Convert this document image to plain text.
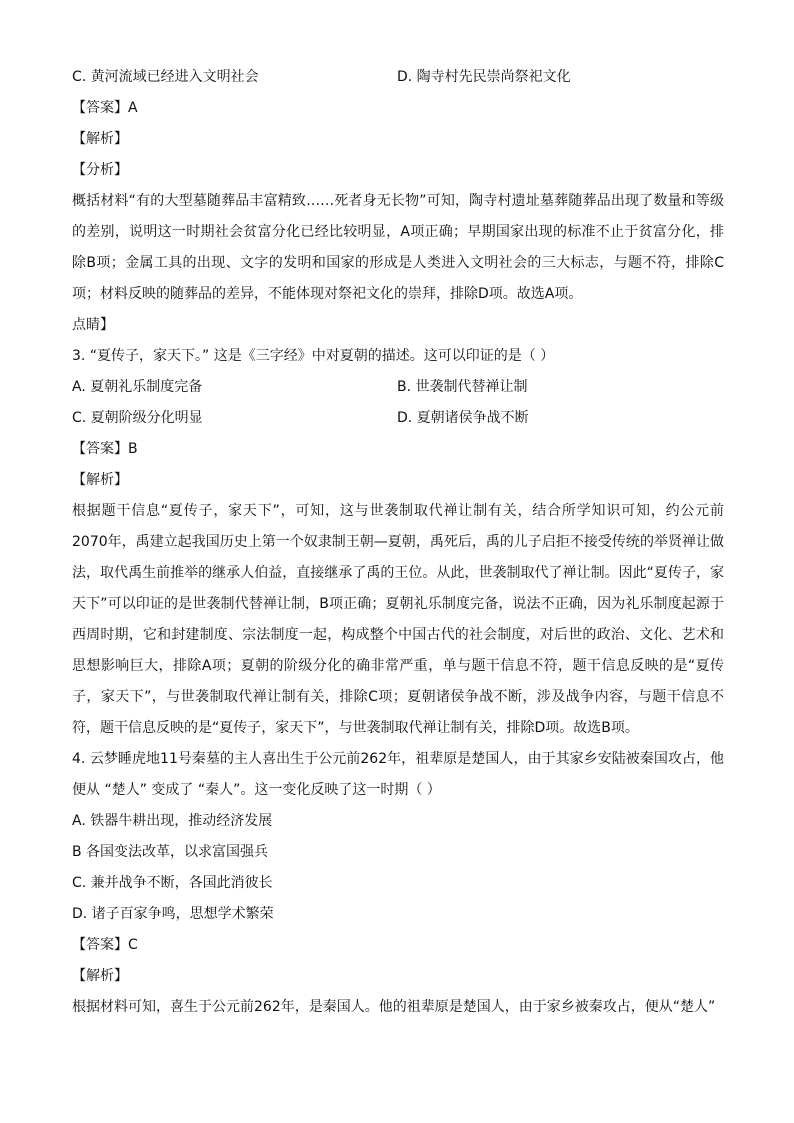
C. 黄河流域已经进入文明社会	D. 陶寺村先民崇尚祭祀文化
【答案】A
【解析】
【分析】
概括材料“有的大型墓随葬品丰富精致……死者身无长物”可知，陶寺村遗址墓葬随葬品出现了数量和等级的差别，说明这一时期社会贫富分化已经比较明显，A项正确；早期国家出现的标准不止于贫富分化，排除B项；金属工具的出现、文字的发明和国家的形成是人类进入文明社会的三大标志，与题不符，排除C项；材料反映的随葬品的差异，不能体现对祭祀文化的崇拜，排除D项。故选A项。
点睛】
3. “夏传子，家天下。” 这是《三字经》中对夏朝的描述。这可以印证的是（ ）
A. 夏朝礼乐制度完备	B. 世袭制代替禅让制
C. 夏朝阶级分化明显	D. 夏朝诸侯争战不断
【答案】B
【解析】
根据题干信息“夏传子，家天下”，可知，这与世袭制取代禅让制有关，结合所学知识可知，约公元前 2070年，禹建立起我国历史上第一个奴隶制王朝—夏朝，禹死后，禹的儿子启拒不接受传统的举贤禅让做法，取代禹生前推举的继承人伯益，直接继承了禹的王位。从此，世袭制取代了禅让制。因此“夏传子，家天下”可以印证的是世袭制代替禅让制，B项正确；夏朝礼乐制度完备，说法不正确，因为礼乐制度起源于西周时期，它和封建制度、宗法制度一起，构成整个中国古代的社会制度，对后世的政治、文化、艺术和思想影响巨大，排除A项；夏朝的阶级分化的确非常严重，单与题干信息不符，题干信息反映的是“夏传子，家天下”，与世袭制取代禅让制有关，排除C项；夏朝诸侯争战不断，涉及战争内容，与题干信息不符，题干信息反映的是“夏传子，家天下”，与世袭制取代禅让制有关，排除D项。故选B项。
4. 云梦睡虎地11号秦墓的主人喜出生于公元前262年，祖辈原是楚国人，由于其家乡安陆被秦国攻占，他便从 “楚人” 变成了 “秦人”。这一变化反映了这一时期（ ）
A. 铁器牛耕出现，推动经济发展
B 各国变法改革，以求富国强兵
C. 兼并战争不断，各国此消彼长
D. 诸子百家争鸣，思想学术繁荣
【答案】C
【解析】
根据材料可知，喜生于公元前262年，是秦国人。他的祖辈原是楚国人，由于家乡被秦攻占，便从“楚人”
